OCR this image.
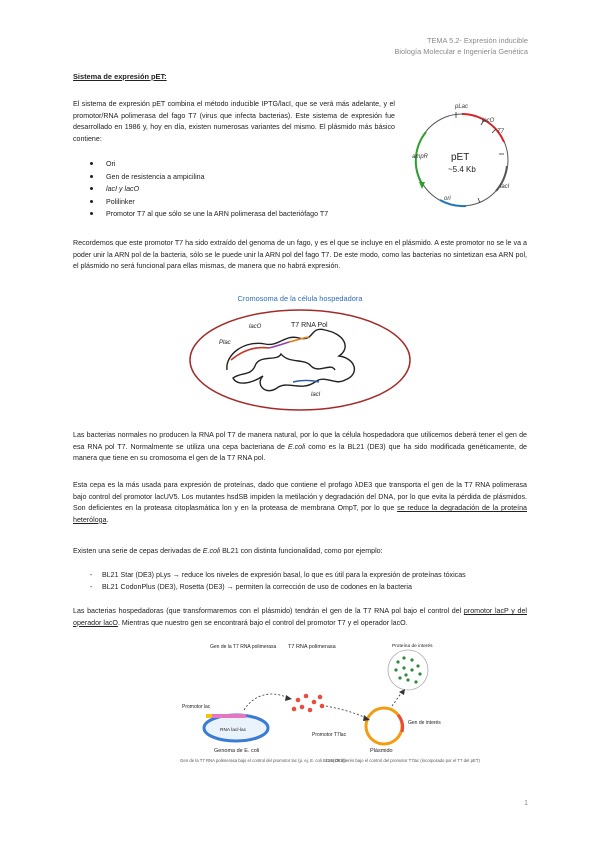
TEMA 5.2- Expresión inducible
Biología Molecular e Ingeniería Genética
Sistema de expresión pET:
El sistema de expresión pET combina el método inducible IPTG/lacI, que se verá más adelante, y el promotor/RNA polimerasa del fago T7 (virus que infecta bacterias). Este sistema de expresión fue desarrollado en 1986 y, hoy en día, existen numerosas variantes del mismo. El plásmido más básico contiene:
Ori
Gen de resistencia a ampicilina
lacI y lacO
Polilinker
Promotor T7 al que sólo se une la ARN polimerasa del bacteriófago T7
pLac
lacO
T7
ampR
lacI
ori
pET
~5.4 Kb
Recordemos que este promotor T7 ha sido extraído del genoma de un fago, y es el que se incluye en el plásmido. A este promotor no se le va a poder unir la ARN pol de la bacteria, sólo se le puede unir la ARN pol del fago T7. De este modo, como las bacterias no sintetizan esa ARN pol, el plásmido no será funcional para ellas mismas, de manera que no habrá expresión.
Cromosoma de la célula hospedadora
lacO	T7 RNA Pol
Plac
lacI
Las bacterias normales no producen la RNA pol T7 de manera natural, por lo que la célula hospedadora que utilicemos deberá tener el gen de esa RNA pol T7. Normalmente se utiliza una cepa bacteriana de E.coli como es la BL21 (DE3) que ha sido modificada genéticamente, de manera que tiene en su cromosoma el gen de la T7 RNA pol.
Esta cepa es la más usada para expresión de proteínas, dado que contiene el profago λDE3 que transporta el gen de la T7 RNA polimerasa bajo control del promotor lacUV5. Los mutantes hsdSB impiden la metilación y degradación del DNA, por lo que evita la pérdida de plásmidos. Son deficientes en la proteasa citoplasmática lon y en la proteasa de membrana OmpT, por lo que se reduce la degradación de la proteína heteróloga.
Existen una serie de cepas derivadas de E.coli BL21 con distinta funcionalidad, como por ejemplo:
- BL21 Star (DE3) pLys → reduce los niveles de expresión basal, lo que es útil para la expresión de proteínas tóxicas
- BL21 CodonPlus (DE3), Rosetta (DE3) → permiten la corrección de uso de codones en la bacteria
Las bacterias hospedadoras (que transformaremos con el plásmido) tendrán el gen de la T7 RNA pol bajo el control del promotor lacP y del operador lacO. Mientras que nuestro gen se encontrará bajo el control del promotor T7 y el operador lacO.
RNA lacl-lac
Gen de la T7 RNA polimerasa T7 RNA polimerasa	Proteína de interés
Promotor lac
Promotor T7lac
Gen de interés
Genoma de E. coli	Plásmido
Gen de la T7 RNA polimerasa bajo el control del promotor lac (p. ej. E. coli BL21(DE3))
Gen de interés bajo el control del promotor T7lac (incorporado por el T7 del pET)
1
